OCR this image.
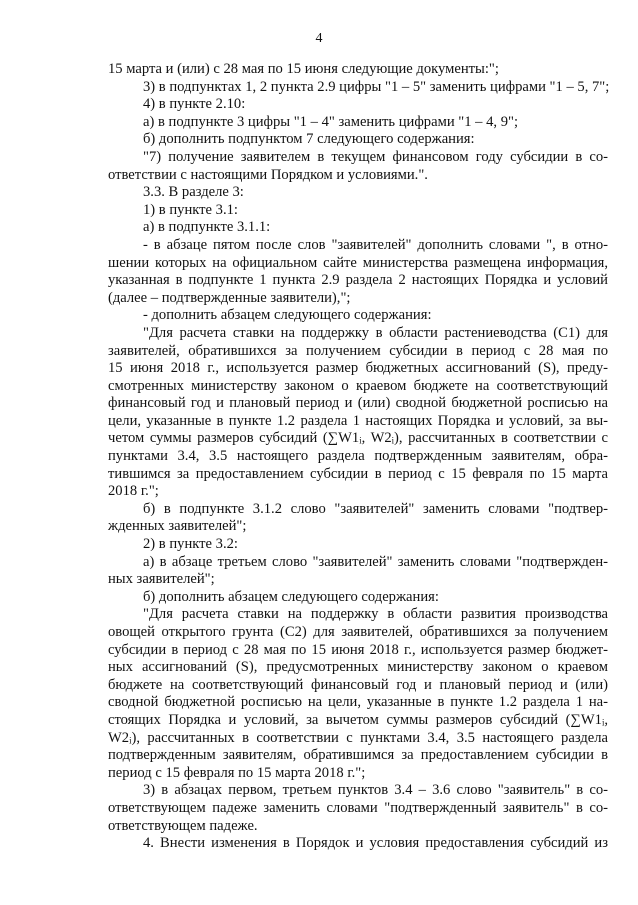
4
15 марта и (или) с 28 мая по 15 июня следующие документы:";
3) в подпунктах 1, 2 пункта 2.9 цифры "1 – 5" заменить цифрами "1 – 5, 7";
4) в пункте 2.10:
а) в подпункте 3 цифры "1 – 4" заменить цифрами "1 – 4, 9";
б) дополнить подпунктом 7 следующего содержания:
"7) получение заявителем в текущем финансовом году субсидии в со-
ответствии с настоящими Порядком и условиями.".
3.3. В разделе 3:
1) в пункте 3.1:
а) в подпункте 3.1.1:
- в абзаце пятом после слов "заявителей" дополнить словами ", в отно-
шении которых на официальном сайте министерства размещена информация,
указанная в подпункте 1 пункта 2.9 раздела 2 настоящих Порядка и условий
(далее – подтвержденные заявители),";
- дополнить абзацем следующего содержания:
"Для расчета ставки на поддержку в области растениеводства (C1) для
заявителей, обратившихся за получением субсидии в период с 28 мая по
15 июня 2018 г., используется размер бюджетных ассигнований (S), преду-
смотренных министерству законом о краевом бюджете на соответствующий
финансовый год и плановый период и (или) сводной бюджетной росписью на
цели, указанные в пункте 1.2 раздела 1 настоящих Порядка и условий, за вы-
четом суммы размеров субсидий (∑W1ᵢ, W2ᵢ), рассчитанных в соответствии с
пунктами 3.4, 3.5 настоящего раздела подтвержденным заявителям, обра-
тившимся за предоставлением субсидии в период с 15 февраля по 15 марта
2018 г.";
б) в подпункте 3.1.2 слово "заявителей" заменить словами "подтвер-
жденных заявителей";
2) в пункте 3.2:
а) в абзаце третьем слово "заявителей" заменить словами "подтвержден-
ных заявителей";
б) дополнить абзацем следующего содержания:
"Для расчета ставки на поддержку в области развития производства
овощей открытого грунта (C2) для заявителей, обратившихся за получением
субсидии в период с 28 мая по 15 июня 2018 г., используется размер бюджет-
ных ассигнований (S), предусмотренных министерству законом о краевом
бюджете на соответствующий финансовый год и плановый период и (или)
сводной бюджетной росписью на цели, указанные в пункте 1.2 раздела 1 на-
стоящих Порядка и условий, за вычетом суммы размеров субсидий (∑W1ᵢ,
W2ᵢ), рассчитанных в соответствии с пунктами 3.4, 3.5 настоящего раздела
подтвержденным заявителям, обратившимся за предоставлением субсидии в
период с 15 февраля по 15 марта 2018 г.";
3) в абзацах первом, третьем пунктов 3.4 – 3.6 слово "заявитель" в со-
ответствующем падеже заменить словами "подтвержденный заявитель" в со-
ответствующем падеже.
4. Внести изменения в Порядок и условия предоставления субсидий из
